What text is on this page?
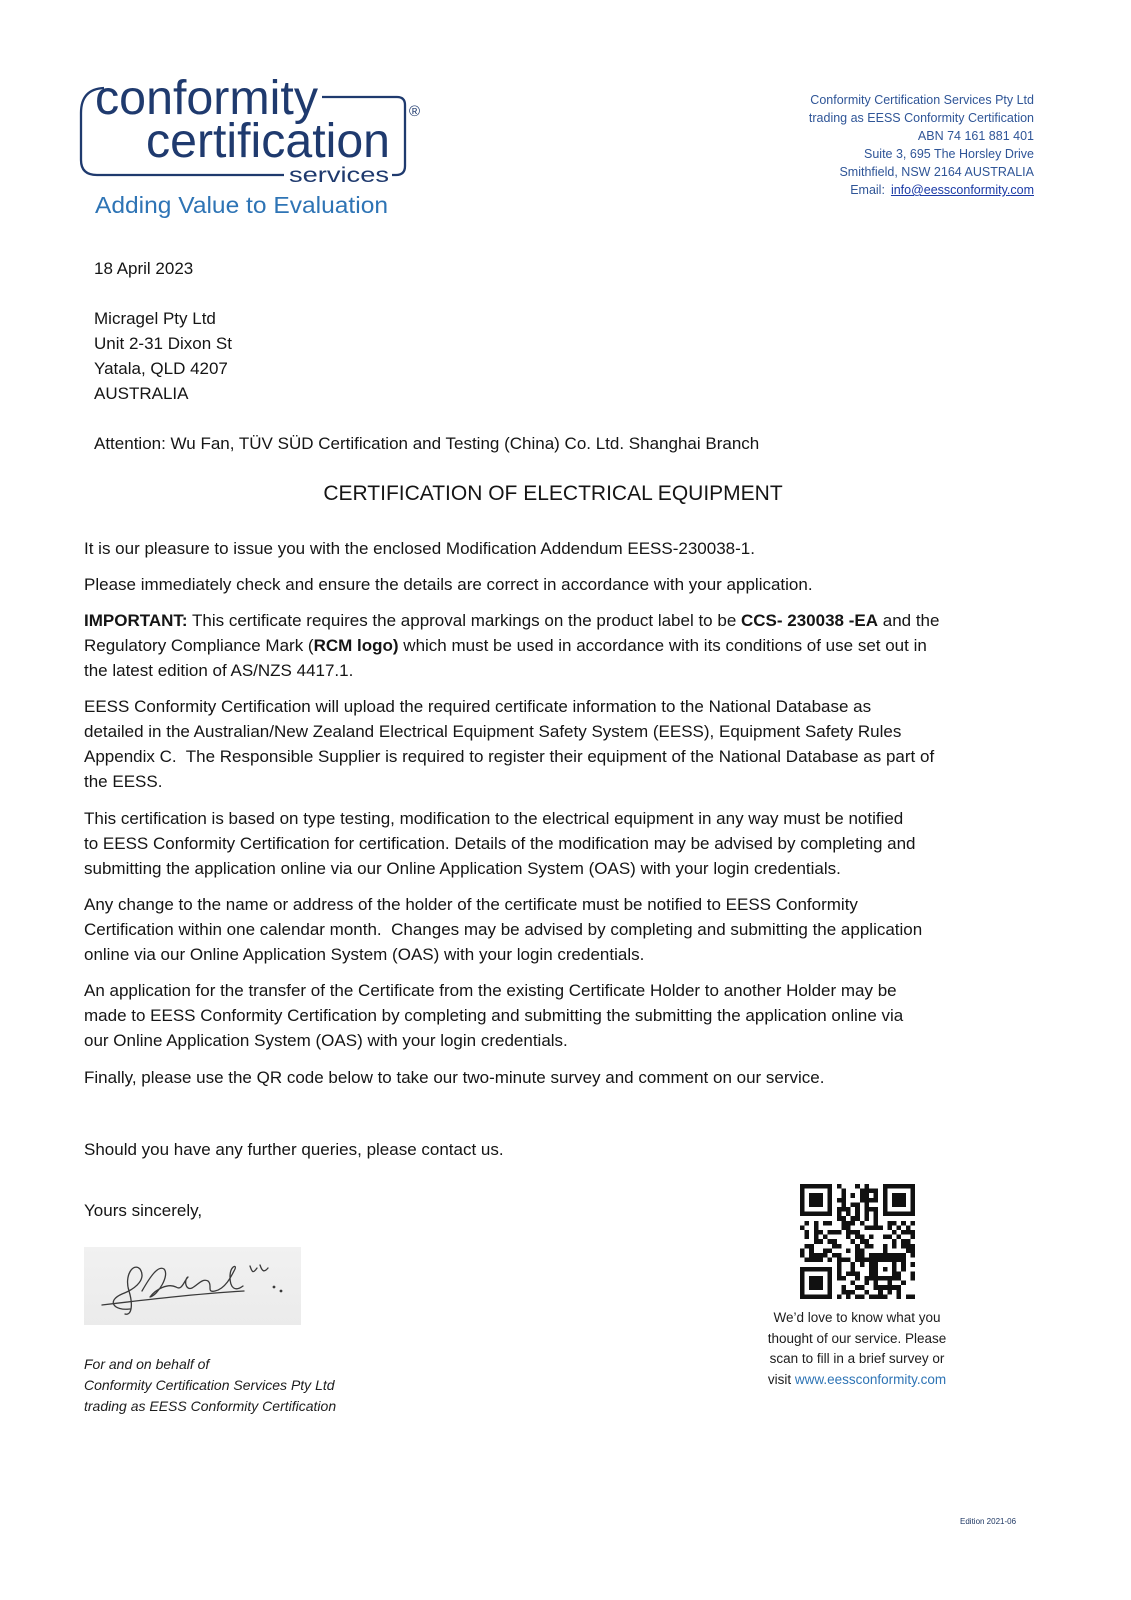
conformity
certification
services
®
Adding Value to Evaluation
Conformity Certification Services Pty Ltd
trading as EESS Conformity Certification
ABN 74 161 881 401
Suite 3, 695 The Horsley Drive
Smithfield, NSW 2164 AUSTRALIA
Email: info@eessconformity.com
18 April 2023
Micragel Pty Ltd
Unit 2-31 Dixon St
Yatala, QLD 4207
AUSTRALIA
Attention: Wu Fan, TÜV SÜD Certification and Testing (China) Co. Ltd. Shanghai Branch
CERTIFICATION OF ELECTRICAL EQUIPMENT
It is our pleasure to issue you with the enclosed Modification Addendum EESS-230038-1.
Please immediately check and ensure the details are correct in accordance with your application.
IMPORTANT: This certificate requires the approval markings on the product label to be CCS- 230038 -EA and the
Regulatory Compliance Mark (RCM logo) which must be used in accordance with its conditions of use set out in
the latest edition of AS/NZS 4417.1.
EESS Conformity Certification will upload the required certificate information to the National Database as
detailed in the Australian/New Zealand Electrical Equipment Safety System (EESS), Equipment Safety Rules
Appendix C.  The Responsible Supplier is required to register their equipment of the National Database as part of
the EESS.
This certification is based on type testing, modification to the electrical equipment in any way must be notified
to EESS Conformity Certification for certification. Details of the modification may be advised by completing and
submitting the application online via our Online Application System (OAS) with your login credentials.
Any change to the name or address of the holder of the certificate must be notified to EESS Conformity
Certification within one calendar month.  Changes may be advised by completing and submitting the application
online via our Online Application System (OAS) with your login credentials.
An application for the transfer of the Certificate from the existing Certificate Holder to another Holder may be
made to EESS Conformity Certification by completing and submitting the submitting the application online via
our Online Application System (OAS) with your login credentials.
Finally, please use the QR code below to take our two-minute survey and comment on our service.
Should you have any further queries, please contact us.
Yours sincerely,
For and on behalf of
Conformity Certification Services Pty Ltd
trading as EESS Conformity Certification
We’d love to know what you
thought of our service. Please
scan to fill in a brief survey or
visit www.eessconformity.com
Edition 2021-06
